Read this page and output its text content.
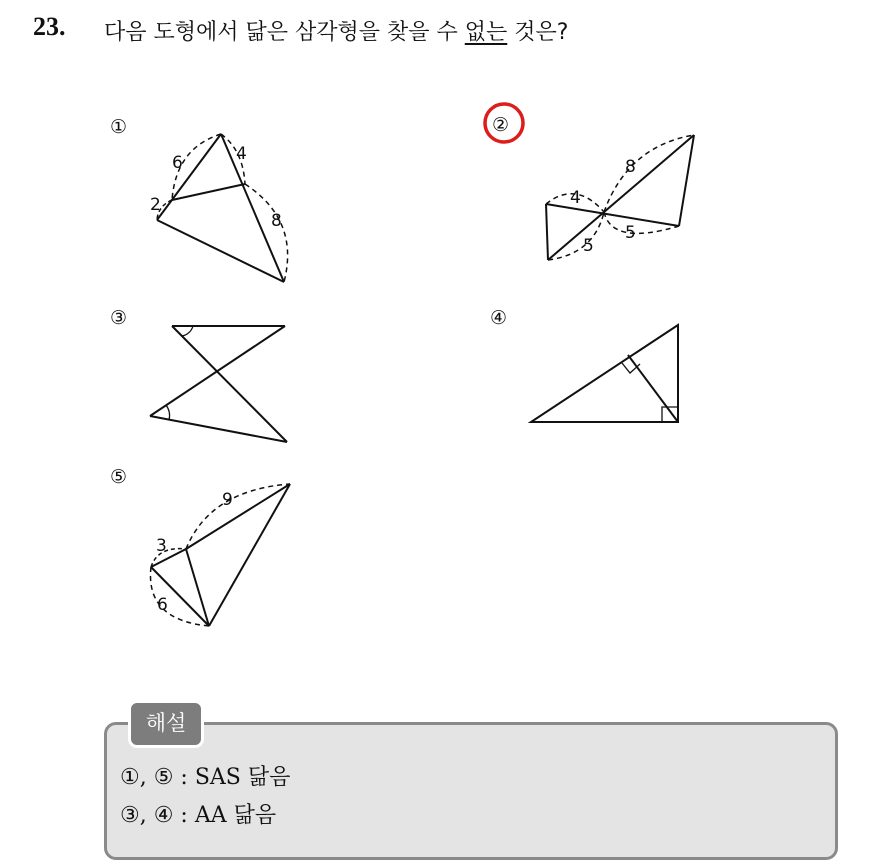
23. 다음 도형에서 닮은 삼각형을 찾을 수 없는 것은?
①	②
③	④
⑤
6	4
2
8
8
4
5
5
9
3
6
해설
①, ⑤ : SAS 닮음
③, ④ : AA 닮음
